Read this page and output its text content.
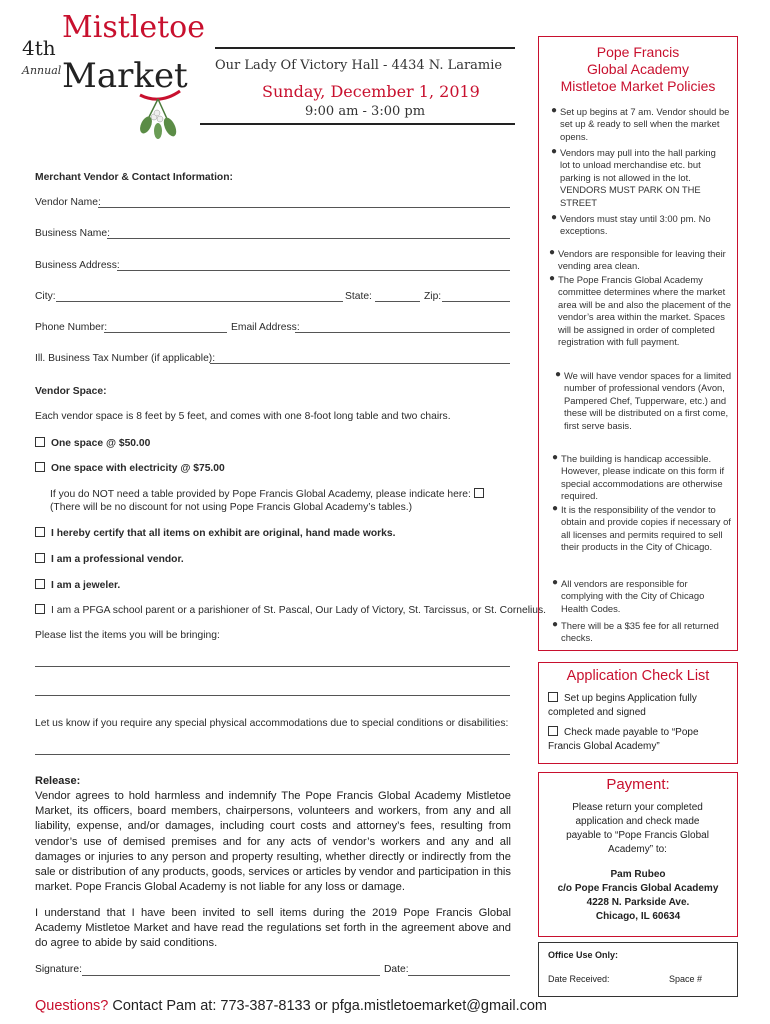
4th
Annual
Mistletoe
Market Our Lady Of Victory Hall - 4434 N. Laramie
Sunday, December 1, 2019
9:00 am - 3:00 pm
Merchant Vendor & Contact Information:
Vendor Name:
Business Name:
Business Address:
City:	State:	Zip:
Phone Number:	Email Address:
Ill. Business Tax Number (if applicable):
Vendor Space:
Each vendor space is 8 feet by 5 feet, and comes with one 8-foot long table and two chairs.
One space @ $50.00
One space with electricity @ $75.00
If you do NOT need a table provided by Pope Francis Global Academy, please indicate here:
(There will be no discount for not using Pope Francis Global Academy’s tables.)
I hereby certify that all items on exhibit are original, hand made works.
I am a professional vendor.
I am a jeweler.
I am a PFGA school parent or a parishioner of St. Pascal, Our Lady of Victory, St. Tarcissus, or St. Cornelius.
Please list the items you will be bringing:
Let us know if you require any special physical accommodations due to special conditions or disabilities:
Release:
Vendor agrees to hold harmless and indemnify The Pope Francis Global Academy Mistletoe Market, its officers, board members, chairpersons, volunteers and workers, from any and all liability, expense, and/or damages, including court costs and attorney’s fees, resulting from vendor’s use of demised premises and for any acts of vendor’s workers and any and all damages or injuries to any person and property resulting, whether directly or indirectly from the sale or distribution of any products, goods, services or articles by vendor and participation in this market. Pope Francis Global Academy is not liable for any loss or damage.
I understand that I have been invited to sell items during the 2019 Pope Francis Global Academy Mistletoe Market and have read the regulations set forth in the agreement above and do agree to abide by said conditions.
Signature:	Date:
Questions? Contact Pam at: 773-387-8133 or pfga.mistletoemarket@gmail.com
Pope Francis
Global Academy
Mistletoe Market Policies
● Set up begins at 7 am. Vendor should be set up & ready to sell when the market opens.
● Vendors may pull into the hall parking lot to unload merchandise etc. but parking is not allowed in the lot. VENDORS MUST PARK ON THE STREET
● Vendors must stay until 3:00 pm. No exceptions.
● Vendors are responsible for leaving their vending area clean.
● The Pope Francis Global Academy committee determines where the market area will be and also the placement of the vendor’s area within the market. Spaces will be assigned in order of completed registration with full payment.
● We will have vendor spaces for a limited number of professional vendors (Avon, Pampered Chef, Tupperware, etc.) and these will be distributed on a first come, first serve basis.
● The building is handicap accessible. However, please indicate on this form if special accommodations are otherwise required.
● It is the responsibility of the vendor to obtain and provide copies if necessary of all licenses and permits required to sell their products in the City of Chicago.
● All vendors are responsible for complying with the City of Chicago Health Codes.
● There will be a $35 fee for all returned checks.
Application Check List
Set up begins Application fully completed and signed
Check made payable to “Pope Francis Global Academy”
Payment:
Please return your completed application and check made payable to “Pope Francis Global Academy” to:
Pam Rubeo
c/o Pope Francis Global Academy
4228 N. Parkside Ave.
Chicago, IL 60634
Office Use Only:
Date Received:	Space #
